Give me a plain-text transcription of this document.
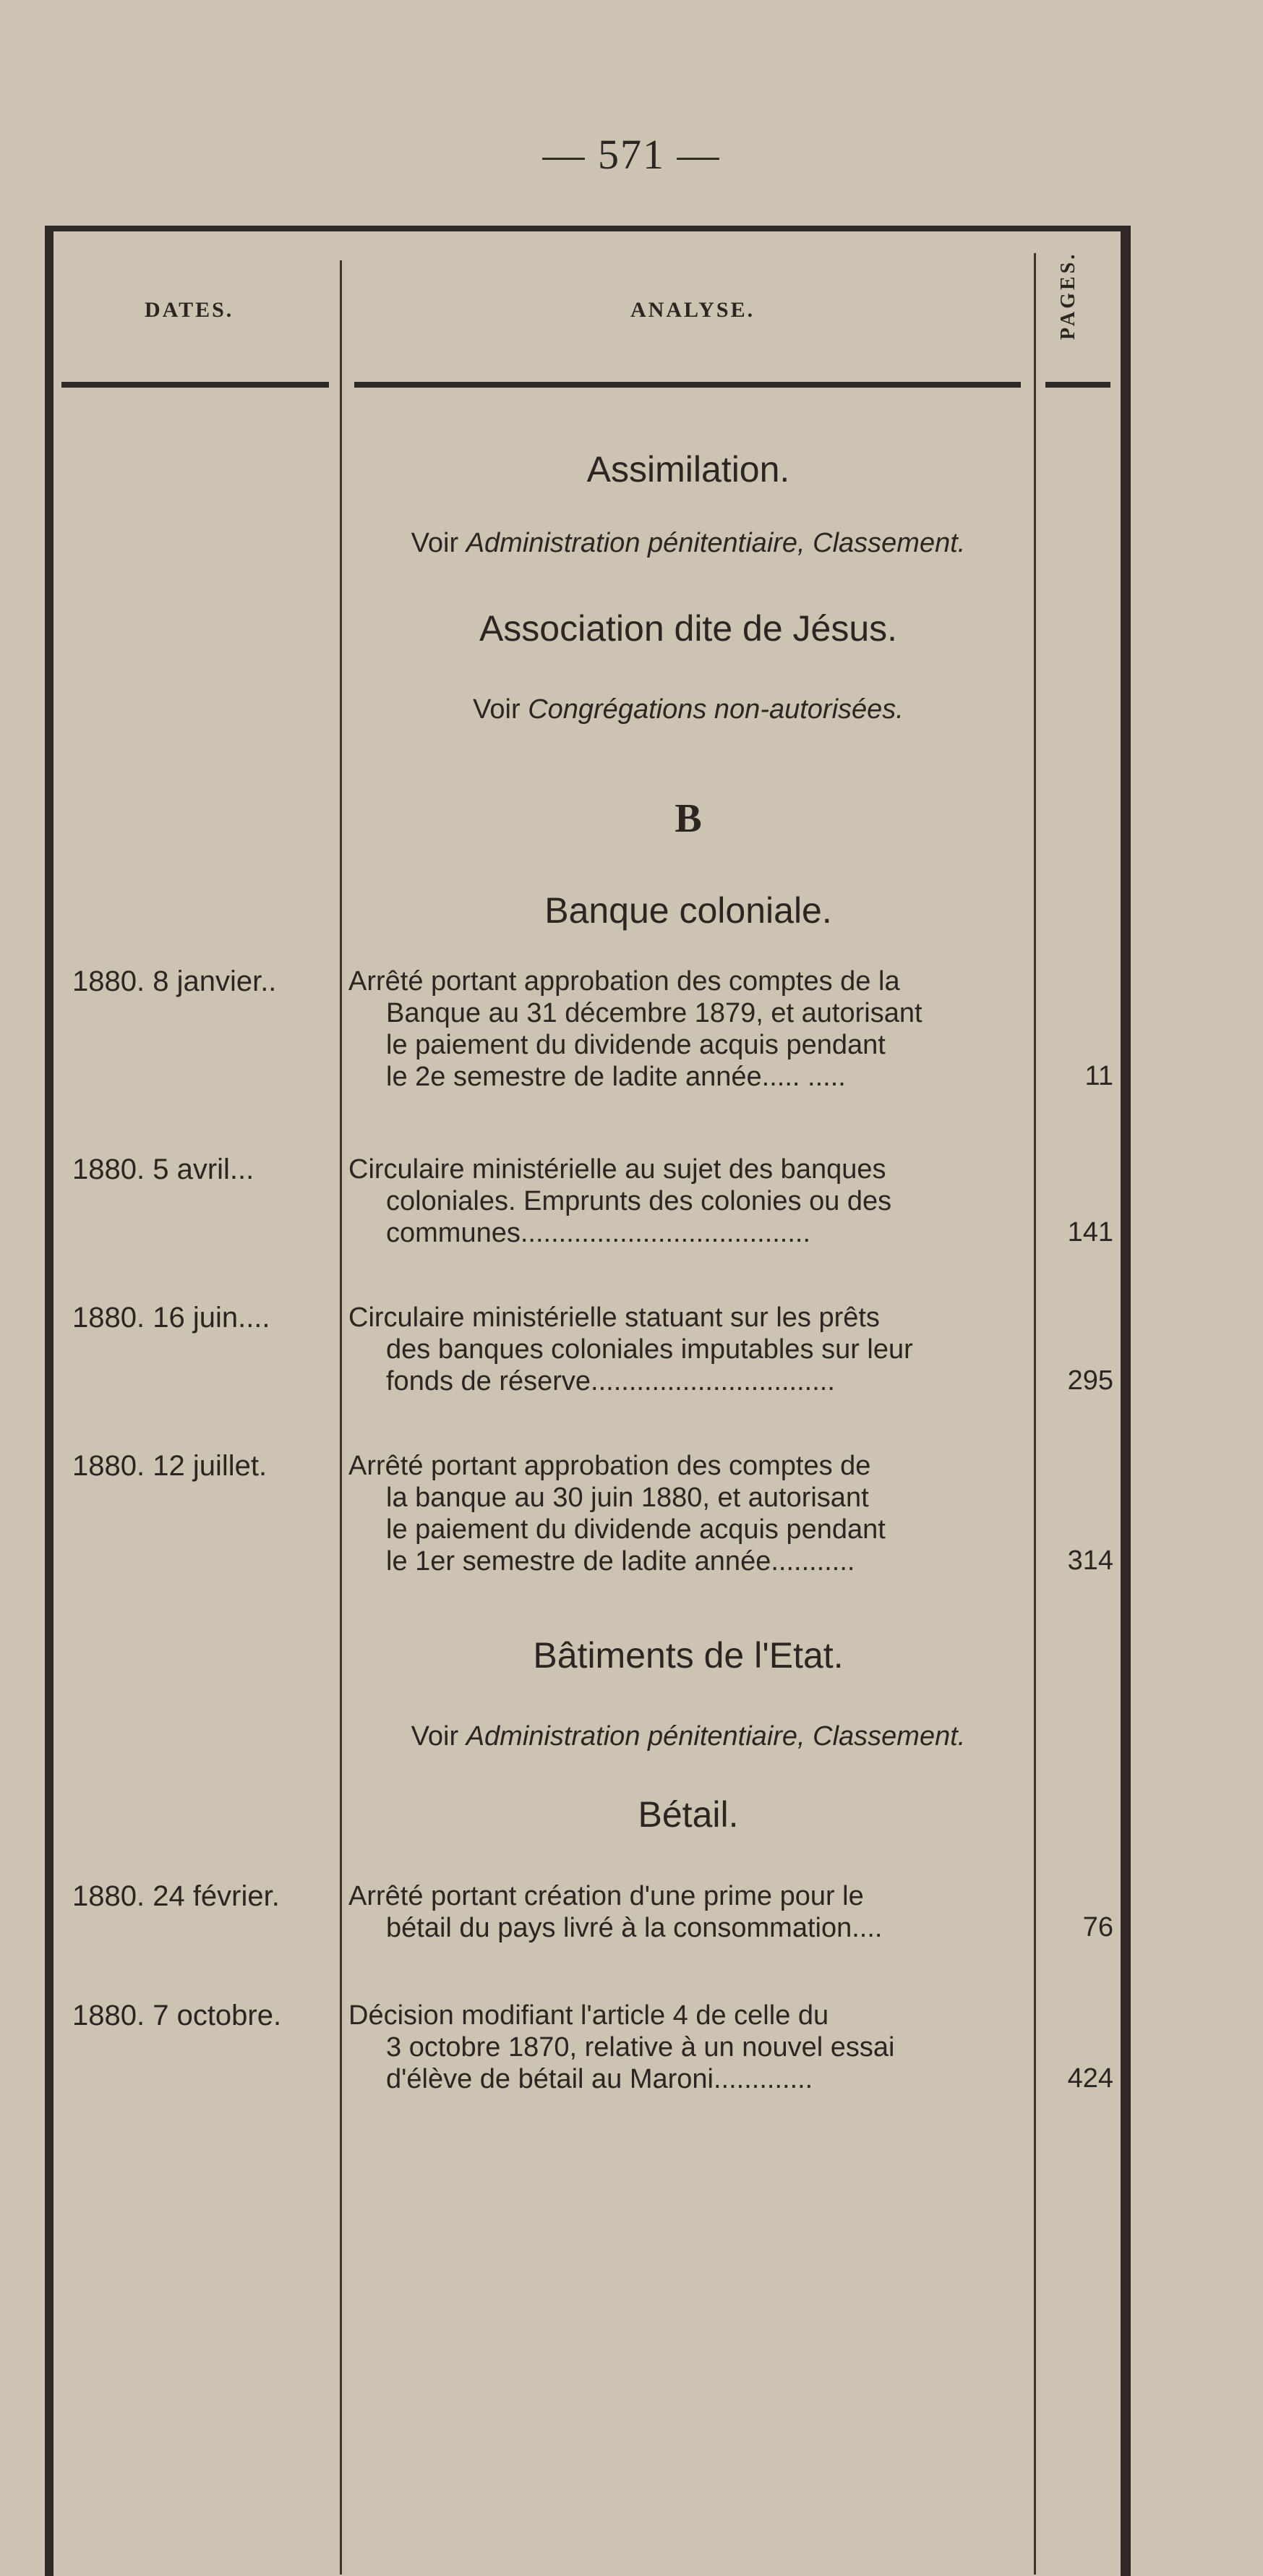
— 571 —
DATES.	ANALYSE.	PAGES.
Assimilation.
Voir Administration pénitentiaire, Classement.
Association dite de Jésus.
Voir Congrégations non-autorisées.
B
Banque coloniale.
1880. 8 janvier..	Arrêté portant approbation des comptes de la
Banque au 31 décembre 1879, et autorisant
le paiement du dividende acquis pendant
le 2e semestre de ladite année..... .....	11
1880. 5 avril...	Circulaire ministérielle au sujet des banques
coloniales. Emprunts des colonies ou des
communes......................................	141
1880. 16 juin....	Circulaire ministérielle statuant sur les prêts
des banques coloniales imputables sur leur
fonds de réserve................................	295
1880. 12 juillet.	Arrêté portant approbation des comptes de
la banque au 30 juin 1880, et autorisant
le paiement du dividende acquis pendant
le 1er semestre de ladite année...........	314
Bâtiments de l'Etat.
Voir Administration pénitentiaire, Classement.
Bétail.
1880. 24 février.	Arrêté portant création d'une prime pour le
bétail du pays livré à la consommation....	76
1880. 7 octobre.	Décision modifiant l'article 4 de celle du
3 octobre 1870, relative à un nouvel essai
d'élève de bétail au Maroni.............	424
